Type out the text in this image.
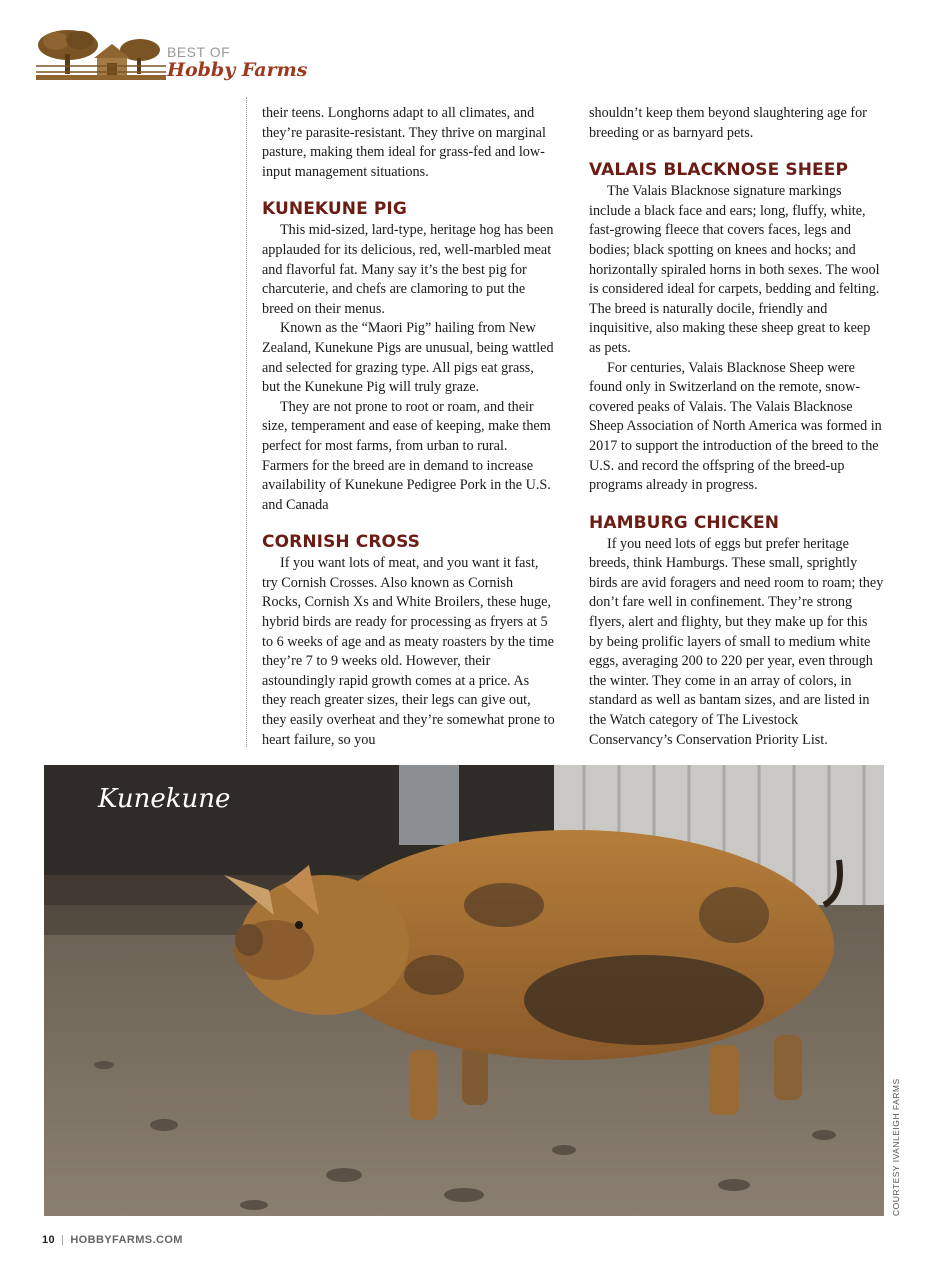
BEST OF
Hobby Farms

their teens. Longhorns adapt to all climates, and they’re parasite-resistant. They thrive on marginal pasture, making them ideal for grass-fed and low-input management situations.

KUNEKUNE PIG

This mid-sized, lard-type, heritage hog has been applauded for its delicious, red, well-marbled meat and flavorful fat. Many say it’s the best pig for charcuterie, and chefs are clamoring to put the breed on their menus.

Known as the “Maori Pig” hailing from New Zealand, Kunekune Pigs are unusual, being wattled and selected for grazing type. All pigs eat grass, but the Kunekune Pig will truly graze.

They are not prone to root or roam, and their size, temperament and ease of keeping, make them perfect for most farms, from urban to rural. Farmers for the breed are in demand to increase availability of Kunekune Pedigree Pork in the U.S. and Canada

CORNISH CROSS

If you want lots of meat, and you want it fast, try Cornish Crosses. Also known as Cornish Rocks, Cornish Xs and White Broilers, these huge, hybrid birds are ready for processing as fryers at 5 to 6 weeks of age and as meaty roasters by the time they’re 7 to 9 weeks old. However, their astoundingly rapid growth comes at a price. As they reach greater sizes, their legs can give out, they easily overheat and they’re somewhat prone to heart failure, so you

shouldn’t keep them beyond slaughtering age for breeding or as barnyard pets.

VALAIS BLACKNOSE SHEEP

The Valais Blacknose signature markings include a black face and ears; long, fluffy, white, fast-growing fleece that covers faces, legs and bodies; black spotting on knees and hocks; and horizontally spiraled horns in both sexes. The wool is considered ideal for carpets, bedding and felting. The breed is naturally docile, friendly and inquisitive, also making these sheep great to keep as pets.

For centuries, Valais Blacknose Sheep were found only in Switzerland on the remote, snow-covered peaks of Valais. The Valais Blacknose Sheep Association of North America was formed in 2017 to support the introduction of the breed to the U.S. and record the offspring of the breed-up programs already in progress.

HAMBURG CHICKEN

If you need lots of eggs but prefer heritage breeds, think Hamburgs. These small, sprightly birds are avid foragers and need room to roam; they don’t fare well in confinement. They’re strong flyers, alert and flighty, but they make up for this by being prolific layers of small to medium white eggs, averaging 200 to 220 per year, even through the winter. They come in an array of colors, in standard as well as bantam sizes, and are listed in the Watch category of The Livestock Conservancy’s Conservation Priority List.

Kunekune
COURTESY IVANLEIGH FARMS
10 | HOBBYFARMS.COM
